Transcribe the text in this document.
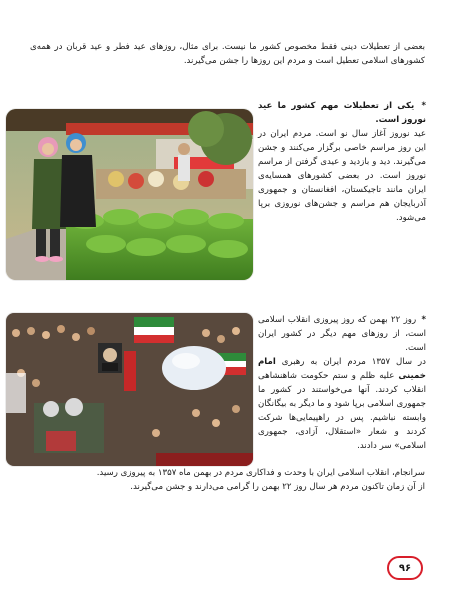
بعضی از تعطیلات دینی فقط مخصوص کشور ما نیست. برای مثال، روزهای عید فطر و عید قربان در همه‌ی کشورهای اسلامی تعطیل است و مردم این روزها را جشن می‌گیرند.

* یکی از تعطیلات مهم کشور ما عید نوروز است.
عید نوروز آغاز سال نو است. مردم ایران در این روز مراسم خاصی برگزار می‌کنند و جشن می‌گیرند. دید و بازدید و عیدی گرفتن از مراسم نوروز است. در بعضی کشورهای همسایه‌ی ایران مانند تاجیکستان، افغانستان و جمهوری آذربایجان هم مراسم و جشن‌های نوروزی برپا می‌شود.
* روز ۲۲ بهمن که روز پیروزی انقلاب اسلامی است، از روزهای مهم دیگر در کشور ایران است.
در سال ۱۳۵۷ مردم ایران به رهبری امام خمینی علیه ظلم و ستم حکومت شاهنشاهی انقلاب کردند. آنها می‌خواستند در کشور ما جمهوری اسلامی برپا شود و ما دیگر به بیگانگان وابسته نباشیم. پس در راهپیمایی‌ها شرکت کردند و شعار «استقلال، آزادی، جمهوری اسلامی» سر دادند.
سرانجام، انقلاب اسلامی ایران با وحدت و فداکاری مردم در بهمن ماه ۱۳۵۷ به پیروزی رسید.
از آن زمان تاکنون مردم هر سال روز ۲۲ بهمن را گرامی می‌دارند و جشن می‌گیرند.
۹۶
